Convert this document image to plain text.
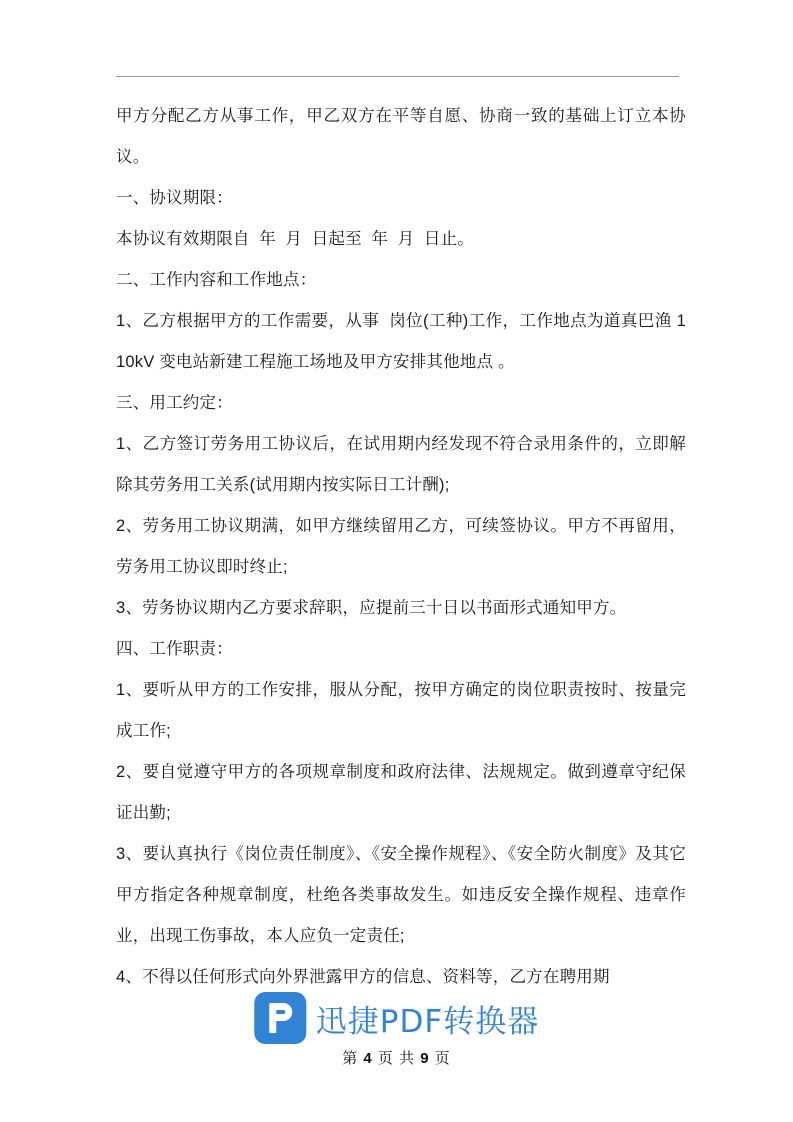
甲方分配乙方从事工作，甲乙双方在平等自愿、协商一致的基础上订立本协议。

一、协议期限：

本协议有效期限自  年  月  日起至  年  月  日止。

二、工作内容和工作地点：

1、乙方根据甲方的工作需要，从事  岗位(工种)工作，工作地点为道真巴渔 110kV 变电站新建工程施工场地及甲方安排其他地点 。

三、用工约定：

1、乙方签订劳务用工协议后，在试用期内经发现不符合录用条件的，立即解除其劳务用工关系(试用期内按实际日工计酬);

2、劳务用工协议期满，如甲方继续留用乙方，可续签协议。甲方不再留用，劳务用工协议即时终止;

3、劳务协议期内乙方要求辞职，应提前三十日以书面形式通知甲方。

四、工作职责：

1、要听从甲方的工作安排，服从分配，按甲方确定的岗位职责按时、按量完成工作;

2、要自觉遵守甲方的各项规章制度和政府法律、法规规定。做到遵章守纪保证出勤;

3、要认真执行《岗位责任制度》、《安全操作规程》、《安全防火制度》及其它甲方指定各种规章制度，杜绝各类事故发生。如违反安全操作规程、违章作业，出现工伤事故，本人应负一定责任;

4、不得以任何形式向外界泄露甲方的信息、资料等，乙方在聘用期

迅捷PDF转换器
第 4 页 共 9 页
